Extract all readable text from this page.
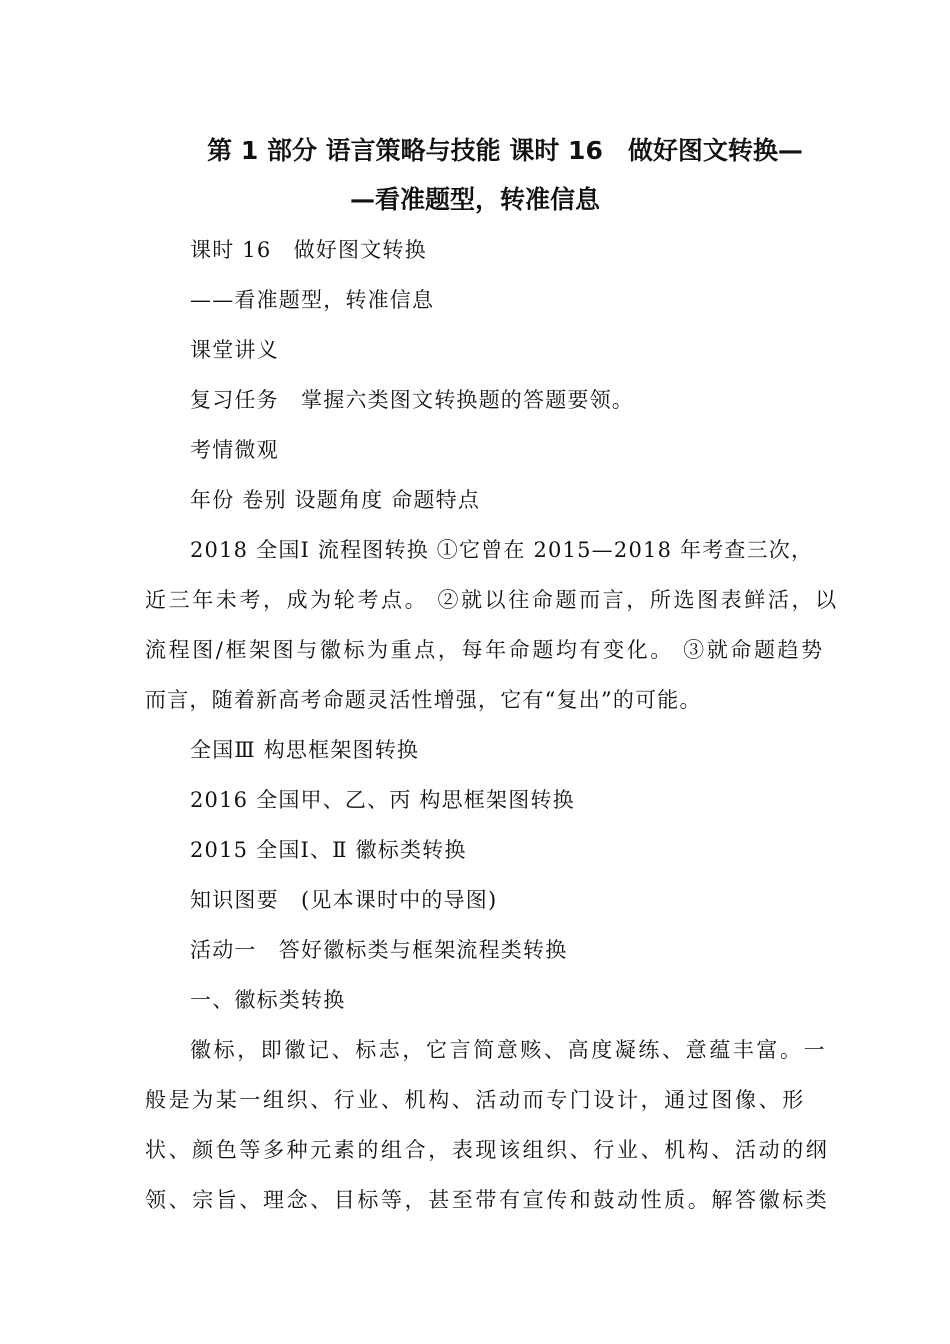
第 1 部分 语言策略与技能 课时 16　做好图文转换—
—看准题型，转准信息
课时 16　做好图文转换
——看准题型，转准信息
课堂讲义
复习任务　掌握六类图文转换题的答题要领。
考情微观
年份 卷别 设题角度 命题特点
2018 全国Ⅰ 流程图转换 ①它曾在 2015—2018 年考查三次，
近三年未考，成为轮考点。 ②就以往命题而言，所选图表鲜活，以
流程图/框架图与徽标为重点，每年命题均有变化。 ③就命题趋势
而言，随着新高考命题灵活性增强，它有“复出”的可能。
全国Ⅲ 构思框架图转换
2016 全国甲、乙、丙 构思框架图转换
2015 全国Ⅰ、Ⅱ 徽标类转换
知识图要　(见本课时中的导图)
活动一　答好徽标类与框架流程类转换
一、徽标类转换
徽标，即徽记、标志，它言简意赅、高度凝练、意蕴丰富。一
般是为某一组织、行业、机构、活动而专门设计，通过图像、形
状、颜色等多种元素的组合，表现该组织、行业、机构、活动的纲
领、宗旨、理念、目标等，甚至带有宣传和鼓动性质。解答徽标类
